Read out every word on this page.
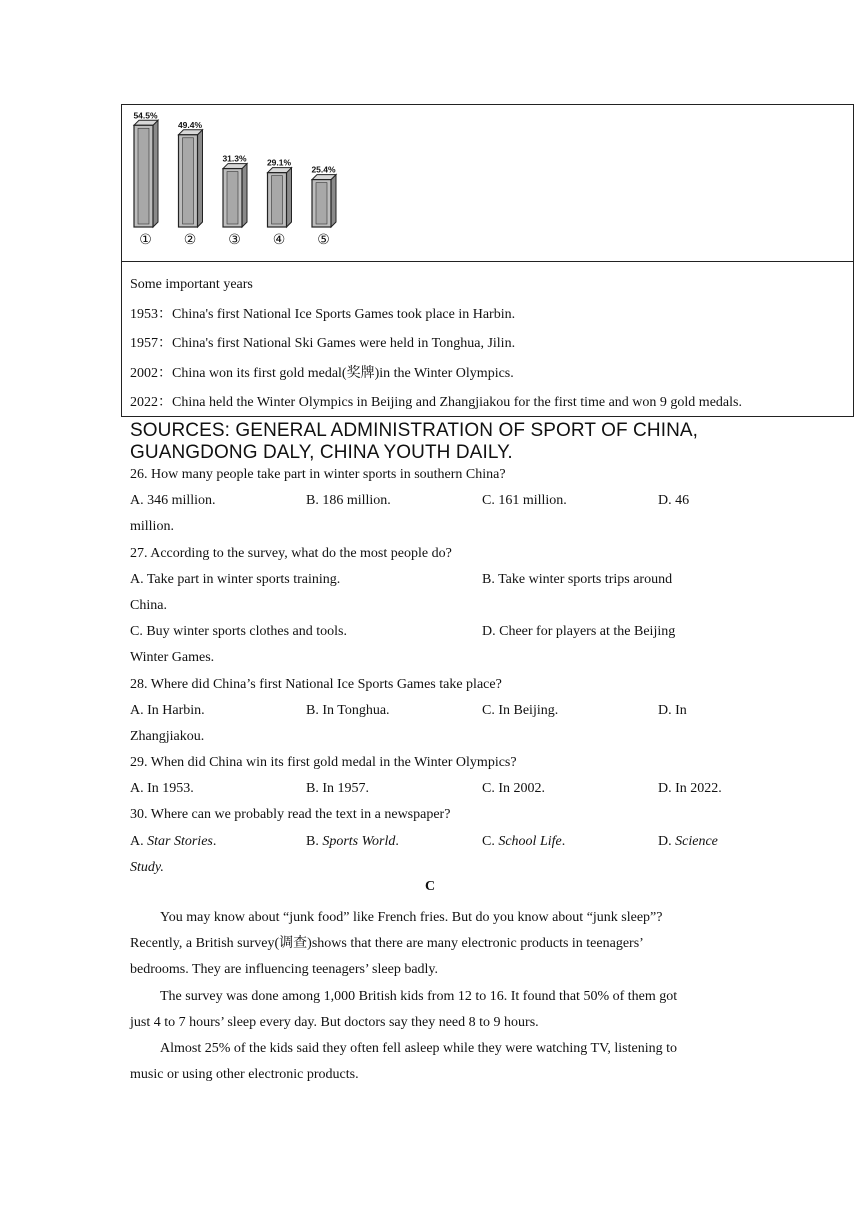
54.5%
①
49.4%
②
31.3%
③
29.1%
④
25.4%
⑤
Some important years
1953：China's first National Ice Sports Games took place in Harbin.
1957：China's first National Ski Games were held in Tonghua, Jilin.
2002：China won its first gold medal(奖牌)in the Winter Olympics.
2022：China held the Winter Olympics in Beijing and Zhangjiakou for the first time and won 9 gold medals.
SOURCES: GENERAL ADMINISTRATION OF SPORT OF CHINA,
GUANGDONG DALY, CHINA YOUTH DAILY.
26. How many people take part in winter sports in southern China?
A. 346 million.	B. 186 million.	C. 161 million.	D. 46
million.
27. According to the survey, what do the most people do?
A. Take part in winter sports training.	B. Take winter sports trips around
China.
C. Buy winter sports clothes and tools.	D. Cheer for players at the Beijing
Winter Games.
28. Where did China’s first National Ice Sports Games take place?
A. In Harbin.	B. In Tonghua.	C. In Beijing.	D. In
Zhangjiakou.
29. When did China win its first gold medal in the Winter Olympics?
A. In 1953.	B. In 1957.	C. In 2002.	D. In 2022.
30. Where can we probably read the text in a newspaper?
A. Star Stories.	B. Sports World.	C. School Life.	D. Science
Study.
C
You may know about “junk food” like French fries. But do you know about “junk sleep”?
Recently, a British survey(调查)shows that there are many electronic products in teenagers’
bedrooms. They are influencing teenagers’ sleep badly.
The survey was done among 1,000 British kids from 12 to 16. It found that 50% of them got
just 4 to 7 hours’ sleep every day. But doctors say they need 8 to 9 hours.
Almost 25% of the kids said they often fell asleep while they were watching TV, listening to
music or using other electronic products.
